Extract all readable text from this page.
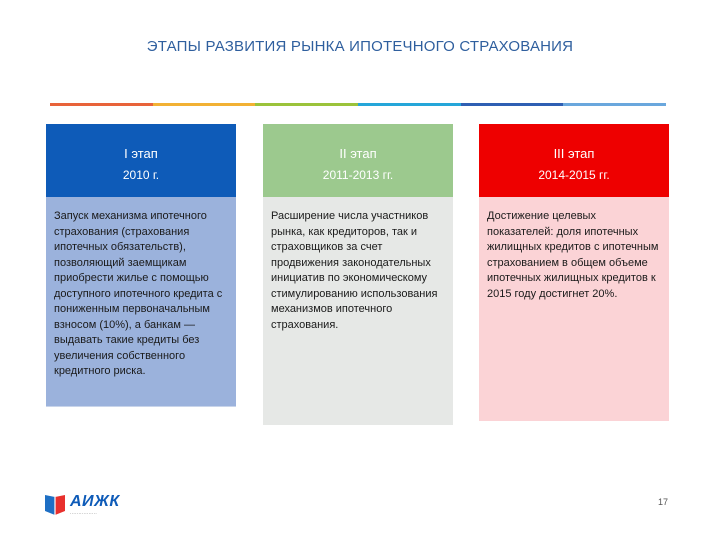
ЭТАПЫ РАЗВИТИЯ РЫНКА ИПОТЕЧНОГО СТРАХОВАНИЯ
I этап
2010 г.
Запуск механизма ипотечного страхования (страхования ипотечных обязательств), позволяющий заемщикам приобрести жилье с помощью доступного ипотечного кредита с пониженным первоначальным взносом (10%), а банкам — выдавать такие кредиты без увеличения собственного кредитного риска.
II этап
2011-2013 гг.
Расширение числа участников рынка, как кредиторов, так и страховщиков за счет продвижения законодательных инициатив по экономическому стимулированию использования механизмов ипотечного страхования.
III этап
2014-2015 гг.
Достижение целевых показателей: доля ипотечных жилищных кредитов с ипотечным страхованием в общем объеме ипотечных жилищных кредитов к 2015 году достигнет 20%.
АИЖК
................
17
